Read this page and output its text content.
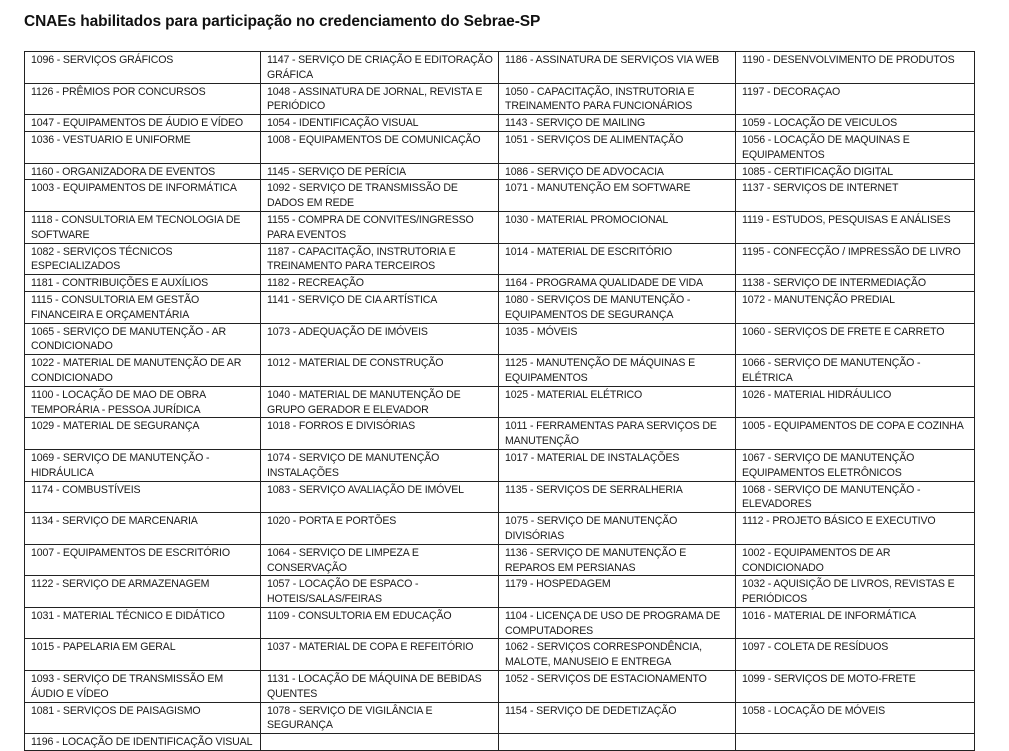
CNAEs habilitados para participação no credenciamento do Sebrae-SP
1096 - SERVIÇOS GRÁFICOS	1147 - SERVIÇO DE CRIAÇÃO E EDITORAÇÃO GRÁFICA	1186 - ASSINATURA DE SERVIÇOS VIA WEB	1190 - DESENVOLVIMENTO DE PRODUTOS
1126 - PRÊMIOS POR CONCURSOS	1048 - ASSINATURA DE JORNAL, REVISTA E PERIÓDICO	1050 - CAPACITAÇÃO, INSTRUTORIA E TREINAMENTO PARA FUNCIONÁRIOS	1197 - DECORAÇAO
1047 - EQUIPAMENTOS DE ÁUDIO E VÍDEO	1054 - IDENTIFICAÇÃO VISUAL	1143 - SERVIÇO DE MAILING	1059 - LOCAÇÃO DE VEICULOS
1036 - VESTUARIO E UNIFORME	1008 - EQUIPAMENTOS DE COMUNICAÇÃO	1051 - SERVIÇOS DE ALIMENTAÇÃO	1056 - LOCAÇÃO DE MAQUINAS E EQUIPAMENTOS
1160 - ORGANIZADORA DE EVENTOS	1145 - SERVIÇO DE PERÍCIA	1086 - SERVIÇO DE ADVOCACIA	1085 - CERTIFICAÇÃO DIGITAL
1003 - EQUIPAMENTOS DE INFORMÁTICA	1092 - SERVIÇO DE TRANSMISSÃO DE DADOS EM REDE	1071 - MANUTENÇÃO EM SOFTWARE	1137 - SERVIÇOS DE INTERNET
1118 - CONSULTORIA EM TECNOLOGIA DE SOFTWARE	1155 - COMPRA DE CONVITES/INGRESSO PARA EVENTOS	1030 - MATERIAL PROMOCIONAL	1119 - ESTUDOS, PESQUISAS E ANÁLISES
1082 - SERVIÇOS TÉCNICOS ESPECIALIZADOS	1187 - CAPACITAÇÃO, INSTRUTORIA E TREINAMENTO PARA TERCEIROS	1014 - MATERIAL DE ESCRITÓRIO	1195 - CONFECÇÃO / IMPRESSÃO DE LIVRO
1181 - CONTRIBUIÇÕES E AUXÍLIOS	1182 - RECREAÇÃO	1164 - PROGRAMA QUALIDADE DE VIDA	1138 - SERVIÇO DE INTERMEDIAÇÃO
1115 - CONSULTORIA EM GESTÃO FINANCEIRA E ORÇAMENTÁRIA	1141 - SERVIÇO DE CIA ARTÍSTICA	1080 - SERVIÇOS DE MANUTENÇÃO - EQUIPAMENTOS DE SEGURANÇA	1072 - MANUTENÇÃO PREDIAL
1065 - SERVIÇO DE MANUTENÇÃO - AR CONDICIONADO	1073 - ADEQUAÇÃO DE IMÓVEIS	1035 - MÓVEIS	1060 - SERVIÇOS DE FRETE E CARRETO
1022 - MATERIAL DE MANUTENÇÃO DE AR CONDICIONADO	1012 - MATERIAL DE CONSTRUÇÃO	1125 - MANUTENÇÃO DE MÁQUINAS E EQUIPAMENTOS	1066 - SERVIÇO DE MANUTENÇÃO - ELÉTRICA
1100 - LOCAÇÃO DE MAO DE OBRA TEMPORÁRIA - PESSOA JURÍDICA	1040 - MATERIAL DE MANUTENÇÃO DE GRUPO GERADOR E ELEVADOR	1025 - MATERIAL ELÉTRICO	1026 - MATERIAL HIDRÁULICO
1029 - MATERIAL DE SEGURANÇA	1018 - FORROS E DIVISÓRIAS	1011 - FERRAMENTAS PARA SERVIÇOS DE MANUTENÇÃO	1005 - EQUIPAMENTOS DE COPA E COZINHA
1069 - SERVIÇO DE MANUTENÇÃO - HIDRÁULICA	1074 - SERVIÇO DE MANUTENÇÃO INSTALAÇÕES	1017 - MATERIAL DE INSTALAÇÕES	1067 - SERVIÇO DE MANUTENÇÃO EQUIPAMENTOS ELETRÔNICOS
1174 - COMBUSTÍVEIS	1083 - SERVIÇO AVALIAÇÃO DE IMÓVEL	1135 - SERVIÇOS DE SERRALHERIA	1068 - SERVIÇO DE MANUTENÇÃO - ELEVADORES
1134 - SERVIÇO DE MARCENARIA	1020 - PORTA E PORTÕES	1075 - SERVIÇO DE MANUTENÇÃO DIVISÓRIAS	1112 - PROJETO BÁSICO E EXECUTIVO
1007 - EQUIPAMENTOS DE ESCRITÓRIO	1064 - SERVIÇO DE LIMPEZA E CONSERVAÇÃO	1136 - SERVIÇO DE MANUTENÇÃO E REPAROS EM PERSIANAS	1002 - EQUIPAMENTOS DE AR CONDICIONADO
1122 - SERVIÇO DE ARMAZENAGEM	1057 - LOCAÇÃO DE ESPACO - HOTEIS/SALAS/FEIRAS	1179 - HOSPEDAGEM	1032 - AQUISIÇÃO DE LIVROS, REVISTAS E PERIÓDICOS
1031 - MATERIAL TÉCNICO E DIDÁTICO	1109 - CONSULTORIA EM EDUCAÇÃO	1104 - LICENÇA DE USO DE PROGRAMA DE COMPUTADORES	1016 - MATERIAL DE INFORMÁTICA
1015 - PAPELARIA EM GERAL	1037 - MATERIAL DE COPA E REFEITÓRIO	1062 - SERVIÇOS CORRESPONDÊNCIA, MALOTE, MANUSEIO E ENTREGA	1097 - COLETA DE RESÍDUOS
1093 - SERVIÇO DE TRANSMISSÃO EM ÁUDIO E VÍDEO	1131 - LOCAÇÃO DE MÁQUINA DE BEBIDAS QUENTES	1052 - SERVIÇOS DE ESTACIONAMENTO	1099 - SERVIÇOS DE MOTO-FRETE
1081 - SERVIÇOS DE PAISAGISMO	1078 - SERVIÇO DE VIGILÂNCIA E SEGURANÇA	1154 - SERVIÇO DE DEDETIZAÇÃO	1058 - LOCAÇÃO DE MÓVEIS
1196 - LOCAÇÃO DE IDENTIFICAÇÃO VISUAL			
